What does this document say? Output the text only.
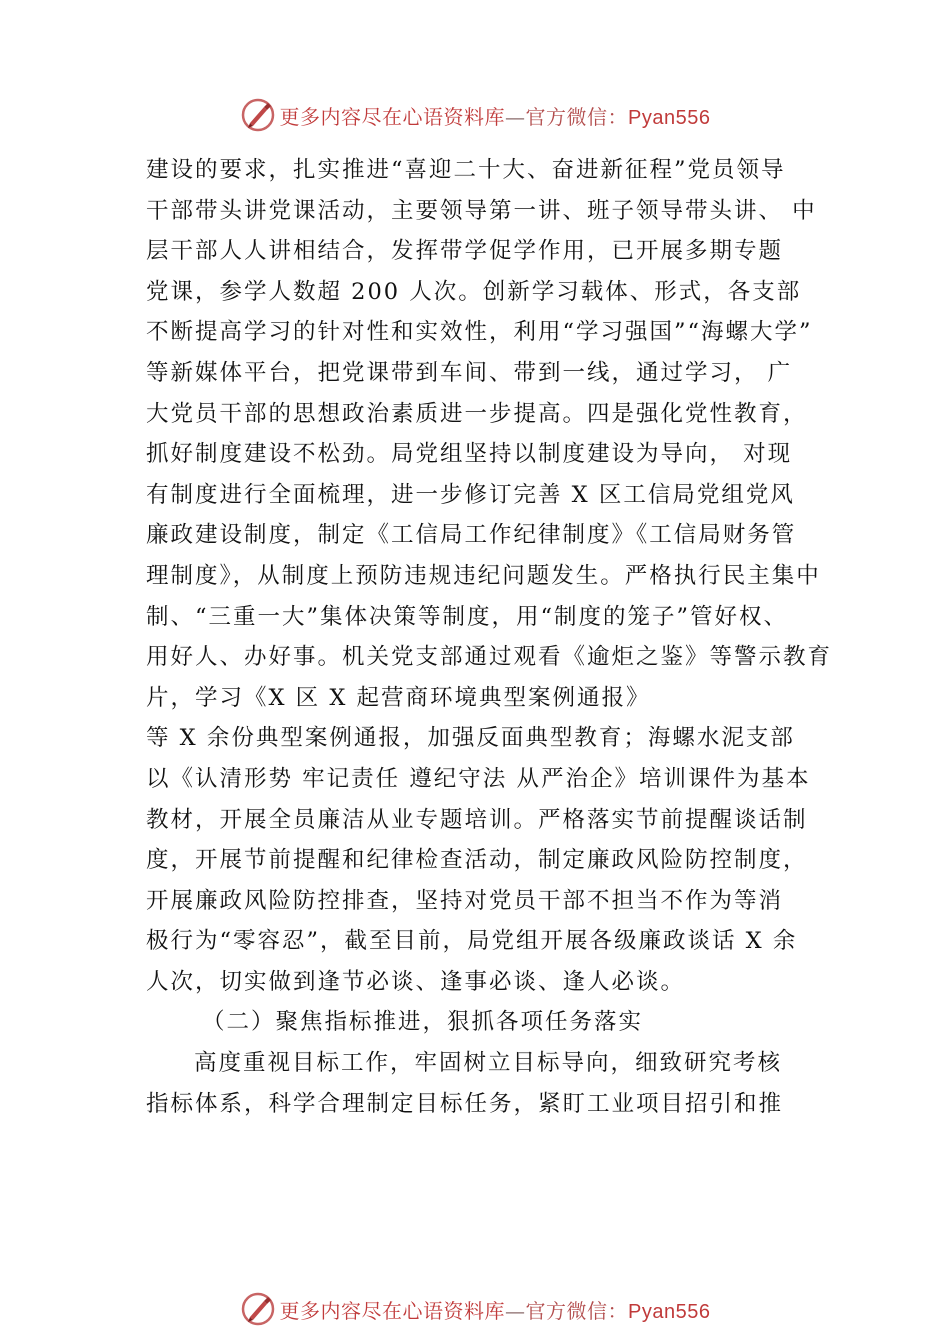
更多内容尽在心语资料库—官方微信：Pyan556
建设的要求，扎实推进“喜迎二十大、奋进新征程”党员领导
干部带头讲党课活动，主要领导第一讲、班子领导带头讲、 中
层干部人人讲相结合，发挥带学促学作用，已开展多期专题
党课，参学人数超 200 人次。创新学习载体、形式，各支部
不断提高学习的针对性和实效性，利用“学习强国”“海螺大学”
等新媒体平台，把党课带到车间、带到一线，通过学习， 广
大党员干部的思想政治素质进一步提高。四是强化党性教育，
抓好制度建设不松劲。局党组坚持以制度建设为导向， 对现
有制度进行全面梳理，进一步修订完善 X 区工信局党组党风
廉政建设制度，制定《工信局工作纪律制度》《工信局财务管
理制度》，从制度上预防违规违纪问题发生。严格执行民主集中
制、“三重一大”集体决策等制度，用“制度的笼子”管好权、
用好人、办好事。机关党支部通过观看《逾炬之鉴》等警示教育
片，学习《X 区 X 起营商环境典型案例通报》
等 X 余份典型案例通报，加强反面典型教育；海螺水泥支部
以《认清形势 牢记责任 遵纪守法 从严治企》培训课件为基本
教材，开展全员廉洁从业专题培训。严格落实节前提醒谈话制
度，开展节前提醒和纪律检查活动，制定廉政风险防控制度，
开展廉政风险防控排查，坚持对党员干部不担当不作为等消
极行为“零容忍”，截至目前，局党组开展各级廉政谈话 X 余
人次，切实做到逢节必谈、逢事必谈、逢人必谈。
（二）聚焦指标推进，狠抓各项任务落实
高度重视目标工作，牢固树立目标导向，细致研究考核
指标体系，科学合理制定目标任务，紧盯工业项目招引和推
更多内容尽在心语资料库—官方微信：Pyan556
